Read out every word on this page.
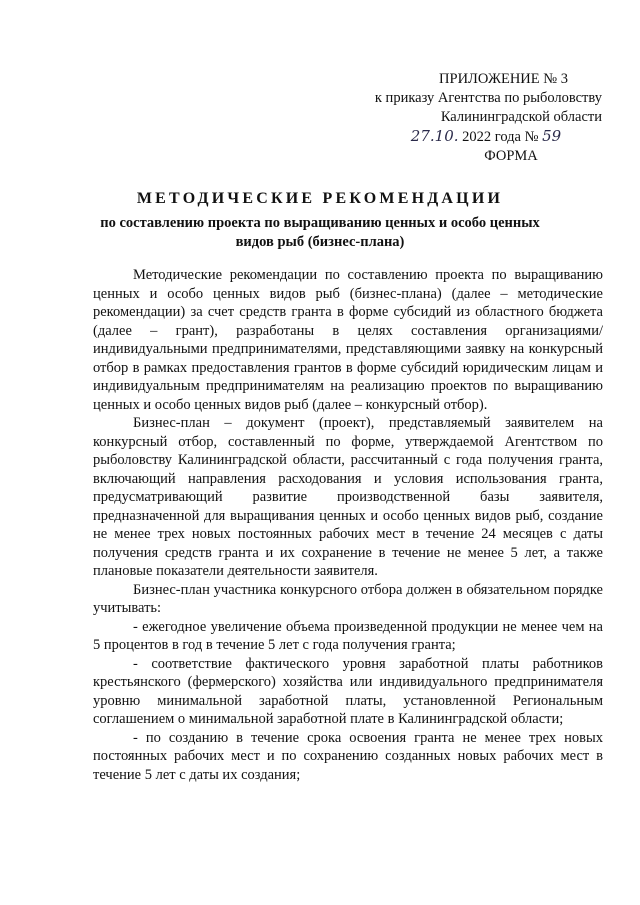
ПРИЛОЖЕНИЕ № 3
к приказу Агентства по рыболовству
Калининградской области
27.10. 2022 года № 59
ФОРМА
МЕТОДИЧЕСКИЕ РЕКОМЕНДАЦИИ
по составлению проекта по выращиванию ценных и особо ценных
видов рыб (бизнес-плана)

Методические рекомендации по составлению проекта по выращиванию ценных и особо ценных видов рыб (бизнес-плана) (далее – методические рекомендации) за счет средств гранта в форме субсидий из областного бюджета (далее – грант), разработаны в целях составления организациями/ индивидуальными предпринимателями, представляющими заявку на конкурсный отбор в рамках предоставления грантов в форме субсидий юридическим лицам и индивидуальным предпринимателям на реализацию проектов по выращиванию ценных и особо ценных видов рыб (далее – конкурсный отбор).

Бизнес-план – документ (проект), представляемый заявителем на конкурсный отбор, составленный по форме, утверждаемой Агентством по рыболовству Калининградской области, рассчитанный с года получения гранта, включающий направления расходования и условия использования гранта, предусматривающий развитие производственной базы заявителя, предназначенной для выращивания ценных и особо ценных видов рыб, создание не менее трех новых постоянных рабочих мест в течение 24 месяцев с даты получения средств гранта и их сохранение в течение не менее 5 лет, а также плановые показатели деятельности заявителя.

Бизнес-план участника конкурсного отбора должен в обязательном порядке учитывать:

- ежегодное увеличение объема произведенной продукции не менее чем на 5 процентов в год в течение 5 лет с года получения гранта;

- соответствие фактического уровня заработной платы работников крестьянского (фермерского) хозяйства или индивидуального предпринимателя уровню минимальной заработной платы, установленной Региональным соглашением о минимальной заработной плате в Калининградской области;

- по созданию в течение срока освоения гранта не менее трех новых постоянных рабочих мест и по сохранению созданных новых рабочих мест в течение 5 лет с даты их создания;
